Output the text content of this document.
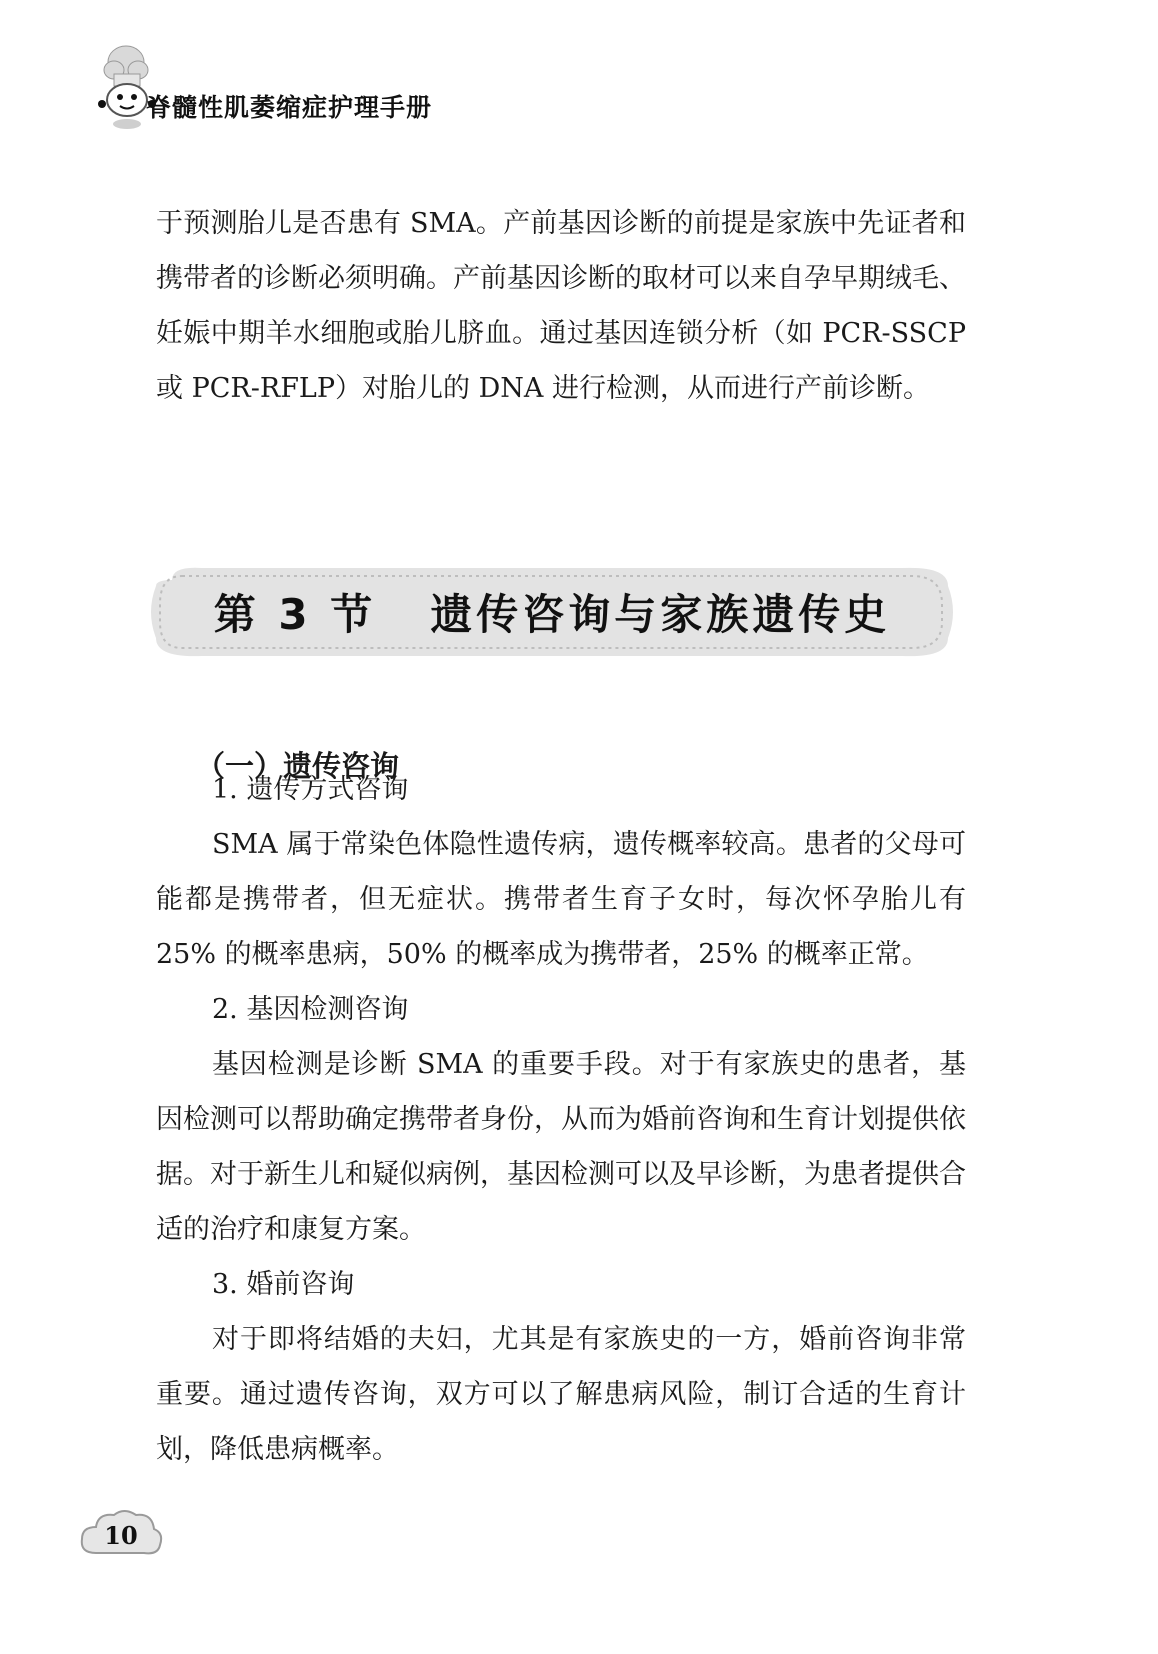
脊髓性肌萎缩症护理手册

于预测胎儿是否患有 SMA。产前基因诊断的前提是家族中先证者和携带者的诊断必须明确。产前基因诊断的取材可以来自孕早期绒毛、妊娠中期羊水细胞或胎儿脐血。通过基因连锁分析（如 PCR-SSCP 或 PCR-RFLP）对胎儿的 DNA 进行检测，从而进行产前诊断。

第 3 节 遗传咨询与家族遗传史
（一）遗传咨询

1. 遗传方式咨询

SMA 属于常染色体隐性遗传病，遗传概率较高。患者的父母可能都是携带者，但无症状。携带者生育子女时，每次怀孕胎儿有 25% 的概率患病，50% 的概率成为携带者，25% 的概率正常。

2. 基因检测咨询

基因检测是诊断 SMA 的重要手段。对于有家族史的患者，基因检测可以帮助确定携带者身份，从而为婚前咨询和生育计划提供依据。对于新生儿和疑似病例，基因检测可以及早诊断，为患者提供合适的治疗和康复方案。

3. 婚前咨询

对于即将结婚的夫妇，尤其是有家族史的一方，婚前咨询非常重要。通过遗传咨询，双方可以了解患病风险，制订合适的生育计划，降低患病概率。

10
